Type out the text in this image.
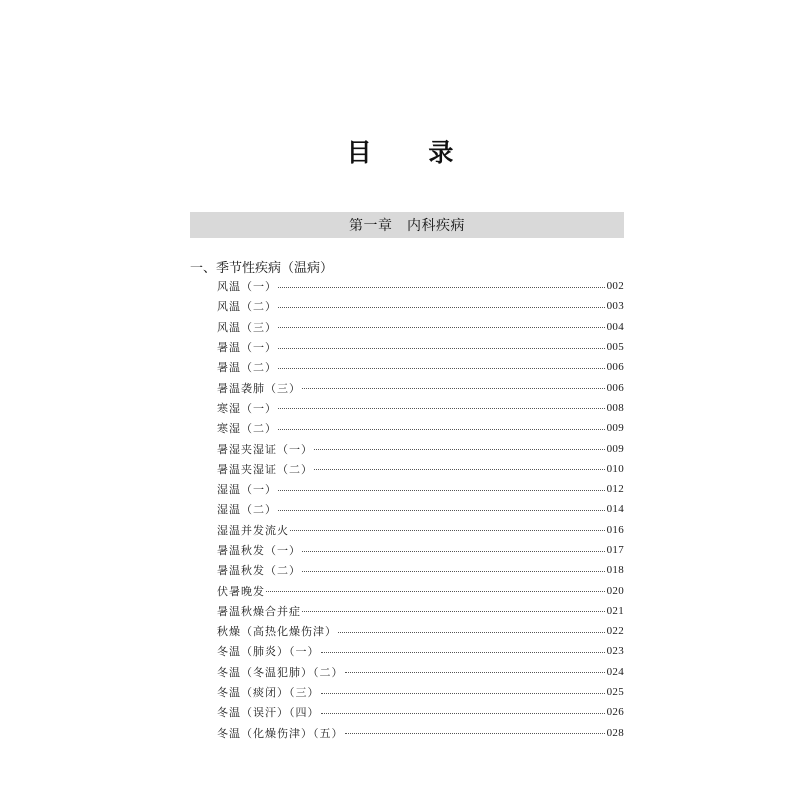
目 录
第一章　内科疾病
一、季节性疾病（温病）
风温（一）	002
风温（二）	003
风温（三）	004
暑温（一）	005
暑温（二）	006
暑温袭肺（三）	006
寒湿（一）	008
寒湿（二）	009
暑湿夹湿证（一）	009
暑温夹湿证（二）	010
湿温（一）	012
湿温（二）	014
湿温并发流火	016
暑温秋发（一）	017
暑温秋发（二）	018
伏暑晚发	020
暑温秋燥合并症	021
秋燥（高热化燥伤津）	022
冬温（肺炎）（一）	023
冬温（冬温犯肺）（二）	024
冬温（痰闭）（三）	025
冬温（误汗）（四）	026
冬温（化燥伤津）（五）	028
